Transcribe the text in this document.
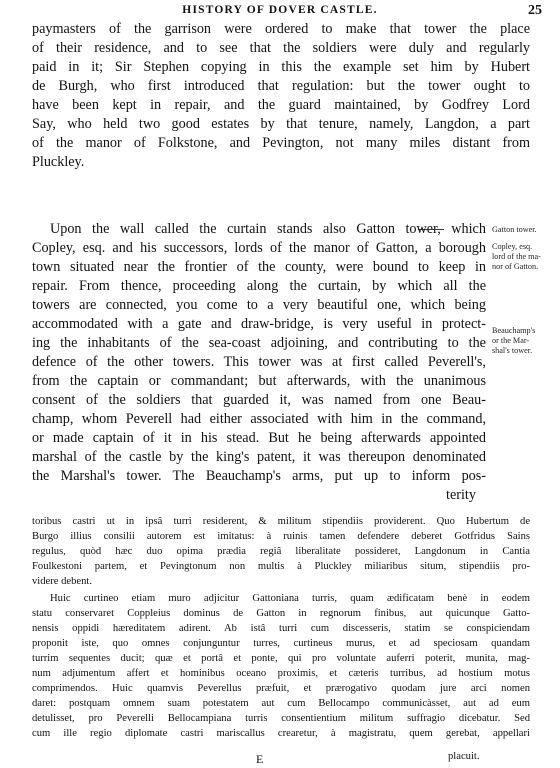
HISTORY OF DOVER CASTLE.	25
paymasters of the garrison were ordered to make that tower the place
of their residence, and to see that the soldiers were duly and regularly
paid in it; Sir Stephen copying in this the example set him by Hubert
de Burgh, who first introduced that regulation: but the tower ought to
have been kept in repair, and the guard maintained, by Godfrey Lord
Say, who held two good estates by that tenure, namely, Langdon, a part
of the manor of Folkstone, and Pevington, not many miles distant from
Pluckley.
Upon the wall called the curtain stands also Gatton tower, which
Copley, esq. and his successors, lords of the manor of Gatton, a borough
town situated near the frontier of the county, were bound to keep in
repair. From thence, proceeding along the curtain, by which all the
towers are connected, you come to a very beautiful one, which being
accommodated with a gate and draw-bridge, is very useful in protect-
ing the inhabitants of the sea-coast adjoining, and contributing to the
defence of the other towers. This tower was at first called Peverell's,
from the captain or commandant; but afterwards, with the unanimous
consent of the soldiers that guarded it, was named from one Beau-
champ, whom Peverell had either associated with him in the command,
or made captain of it in his stead. But he being afterwards appointed
marshal of the castle by the king's patent, it was thereupon denominated
the Marshal's tower. The Beauchamp's arms, put up to inform pos-
terity
Gatton tower.
Copley, esq.
lord of the ma-
nor of Gatton.
Beauchamp's
or the Mar-
shal's tower.
toribus castri ut in ipsâ turri residerent, & militum stipendiis providerent. Quo Hubertum de
Burgo illius consilii autorem est imitatus: à ruinis tamen defendere deberet Gotfridus Sains
regulus, quòd hæc duo opima prædia regiâ liberalitate possideret, Langdonum in Cantia
Foulkestoni partem, et Pevingtonum non multis à Pluckley miliaribus situm, stipendiis pro-
videre debent.
Huic curtineo etiam muro adjicitur Gattoniana turris, quam ædificatam benè in eodem
statu conservaret Coppleius dominus de Gatton in regnorum finibus, aut quicunque Gatto-
nensis oppidi hæreditatem adirent. Ab istâ turri cum discesseris, statim se conspiciendam
proponit iste, quo omnes conjunguntur turres, curtineus murus, et ad speciosam quandam
turrim sequentes ducit; quæ et portâ et ponte, qui pro voluntate auferri poterit, munita, mag-
num adjumentum affert et hominibus oceano proximis, et cæteris turribus, ad hostium motus
comprimendos. Huic quamvis Peverellus præfuit, et prærogativo quodam jure arci nomen
daret: postquam omnem suam potestatem aut cum Bellocampo communicàsset, aut ad eum
detulisset, pro Peverelli Bellocampiana turris consentientium militum suffragio dicebatur. Sed
cum ille regio diplomate castri mariscallus crearetur, à magistratu, quem gerebat, appellari
placuit.
E
